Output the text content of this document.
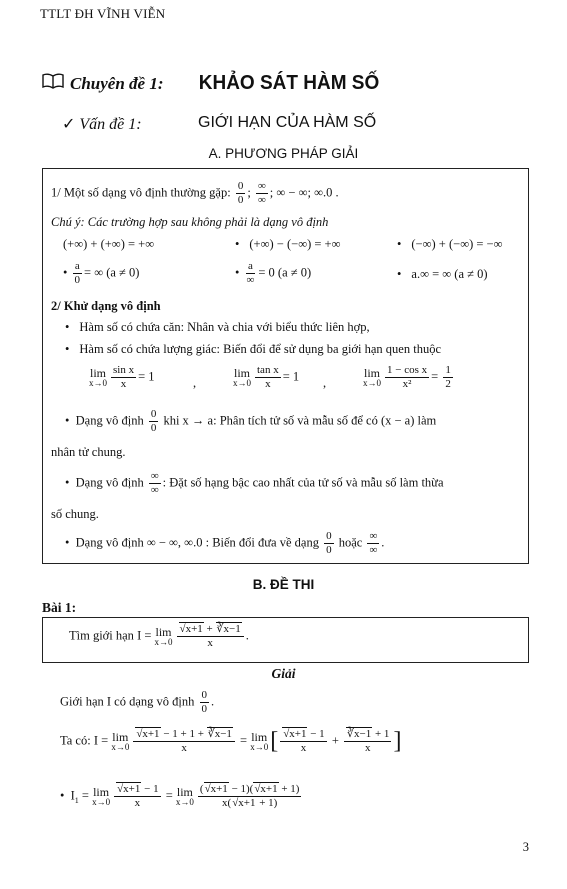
TTLT ĐH VĨNH VIỄN
Chuyên đề 1: KHẢO SÁT HÀM SỐ
✓ Vấn đề 1:	GIỚI HẠN CỦA HÀM SỐ
A. PHƯƠNG PHÁP GIẢI
1/ Một số dạng vô định thường gặp: $\frac{0}{0}$ ; $\frac{\infty}{\infty}$ ; ∞ − ∞; ∞.0 .
Chú ý: Các trường hợp sau không phải là dạng vô định
(+∞) + (+∞) = +∞	• (+∞) − (−∞) = +∞	• (−∞) + (−∞) = −∞
• $\frac{a}{0}$ = ∞ (a ≠ 0)	• $\frac{a}{\infty} = 0$ (a ≠ 0)	• a.∞ = ∞ (a ≠ 0)
2/ Khử dạng vô định
• Hàm số có chứa căn: Nhân và chia với biểu thức liên hợp,
• Hàm số có chứa lượng giác: Biến đổi để sử dụng ba giới hạn quen thuộc
lim
$x\to 0 \frac{\text{sin x}}{x} = 1$	,
lim
$x\to 0 \frac{\text{tan x}}{x} = 1$ ,
lim
$x\to 0 \frac{\text{1 − cos x}}{\text{x²}} = \frac{1}{2}$
•  Dạng vô định $\frac{0}{0}$ khi x → a: Phân tích tử số và mẫu số để có (x − a) làm
nhân tử chung.
•  Dạng vô định $\frac{\infty}{\infty}$ : Đặt số hạng bậc cao nhất của tử số và mẫu số làm thừa
số chung.
•  Dạng vô định ∞ − ∞, ∞.0 : Biến đổi đưa về dạng $\frac{0}{0}$ hoặc $\frac{\infty}{\infty}$ .
B. ĐỀ THI
Bài 1:
Tìm giới hạn I = lim
$x\to 0 \frac{√x+1 + ∛x-1}{x}$ .
Giải
Giới hạn I có dạng vô định $\frac{0}{0}$ .
Ta có: I = lim
$x\to 0 \frac{√x+1 - 1 + 1 + ∛x-1}{x} = \lim$
x→0 [ $\frac{√x+1 - 1}{x} + \frac{∛x-1 + 1}{x}$ ]
•  $I_1 = \lim$
$x\to 0 \frac{√x+1 - 1}{x} = \lim$
$x\to 0 \frac{(√x+1 - 1)(√x+1 + 1)}{x(√x+1 + 1)}$
3
